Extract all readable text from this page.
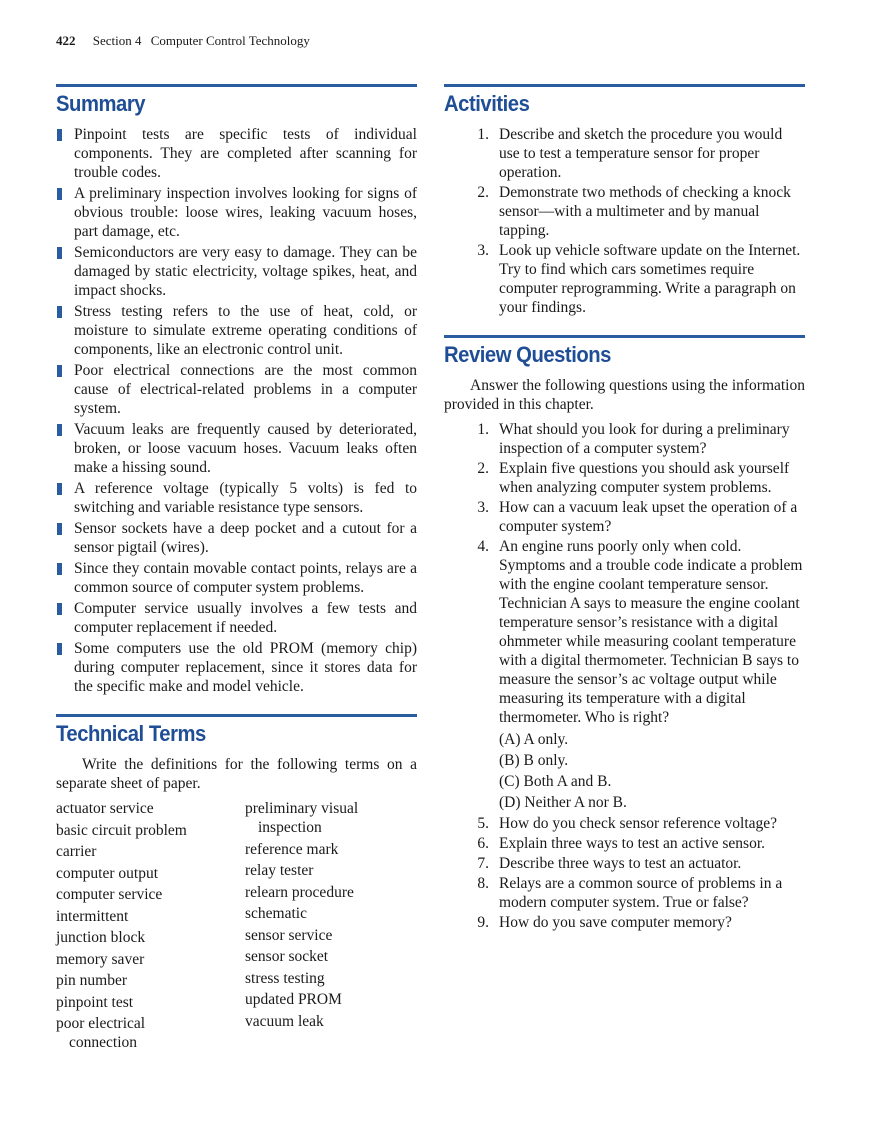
422 Section 4 Computer Control Technology
Summary
Pinpoint tests are specific tests of individual components. They are completed after scanning for trouble codes.
A preliminary inspection involves looking for signs of obvious trouble: loose wires, leaking vacuum hoses, part damage, etc.
Semiconductors are very easy to damage. They can be damaged by static electricity, voltage spikes, heat, and impact shocks.
Stress testing refers to the use of heat, cold, or moisture to simulate extreme operating conditions of components, like an electronic control unit.
Poor electrical connections are the most common cause of electrical-related problems in a computer system.
Vacuum leaks are frequently caused by deteriorated, broken, or loose vacuum hoses. Vacuum leaks often make a hissing sound.
A reference voltage (typically 5 volts) is fed to switching and variable resistance type sensors.
Sensor sockets have a deep pocket and a cutout for a sensor pigtail (wires).
Since they contain movable contact points, relays are a common source of computer system problems.
Computer service usually involves a few tests and computer replacement if needed.
Some computers use the old PROM (memory chip) during computer replacement, since it stores data for the specific make and model vehicle.
Technical Terms

Write the definitions for the following terms on a separate sheet of paper.

actuator service
basic circuit problem
carrier
computer output
computer service
intermittent
junction block
memory saver
pin number
pinpoint test
poor electrical connection
preliminary visual inspection
reference mark
relay tester
relearn procedure
schematic
sensor service
sensor socket
stress testing
updated PROM
vacuum leak
Activities
1. Describe and sketch the procedure you would use to test a temperature sensor for proper operation.
2. Demonstrate two methods of checking a knock sensor—with a multimeter and by manual tapping.
3. Look up vehicle software update on the Internet. Try to find which cars sometimes require computer reprogramming. Write a paragraph on your findings.
Review Questions

Answer the following questions using the information provided in this chapter.

1. What should you look for during a preliminary inspection of a computer system?
2. Explain five questions you should ask yourself when analyzing computer system problems.
3. How can a vacuum leak upset the operation of a computer system?
4. An engine runs poorly only when cold. Symptoms and a trouble code indicate a problem with the engine coolant temperature sensor. Technician A says to measure the engine coolant temperature sensor’s resistance with a digital ohmmeter while measuring coolant temperature with a digital thermometer. Technician B says to measure the sensor’s ac voltage output while measuring its temperature with a digital thermometer. Who is right?
(A) A only.
(B) B only.
(C) Both A and B.
(D) Neither A nor B.
5. How do you check sensor reference voltage?
6. Explain three ways to test an active sensor.
7. Describe three ways to test an actuator.
8. Relays are a common source of problems in a modern computer system. True or false?
9. How do you save computer memory?
